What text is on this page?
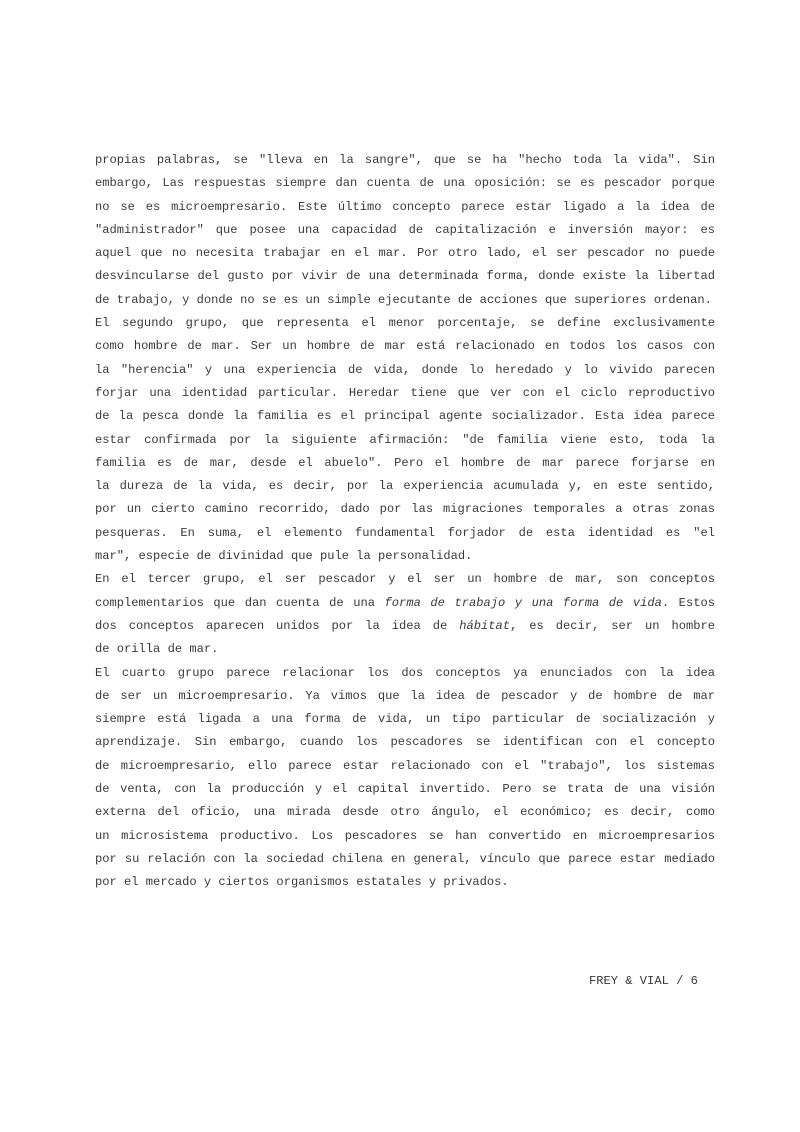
propias palabras, se "lleva en la sangre", que se ha "hecho toda la vida". Sin
embargo, Las respuestas siempre dan cuenta de una oposición: se es pescador porque
no se es microempresario. Este último concepto parece estar ligado a la idea de
"administrador" que posee una capacidad de capitalización e inversión mayor: es
aquel que no necesita trabajar en el mar. Por otro lado, el ser pescador no puede
desvincularse del gusto por vivir de una determinada forma, donde existe la libertad
de trabajo, y donde no se es un simple ejecutante de acciones que superiores ordenan.
El segundo grupo, que representa el menor porcentaje, se define exclusivamente
como hombre de mar. Ser un hombre de mar está relacionado en todos los casos con
la "herencia" y una experiencia de vida, donde lo heredado y lo vivido parecen
forjar una identidad particular. Heredar tiene que ver con el ciclo reproductivo
de la pesca donde la familia es el principal agente socializador. Esta idea parece
estar confirmada por la siguiente afirmación: "de familia viene esto, toda la
familia es de mar, desde el abuelo". Pero el hombre de mar parece forjarse en
la dureza de la vida, es decir, por la experiencia acumulada y, en este sentido,
por un cierto camino recorrido, dado por las migraciones temporales a otras zonas
pesqueras. En suma, el elemento fundamental forjador de esta identidad es "el
mar", especie de divinidad que pule la personalidad.
En el tercer grupo, el ser pescador y el ser un hombre de mar, son conceptos
complementarios que dan cuenta de una forma de trabajo y una forma de vida. Estos
dos conceptos aparecen unidos por la idea de hábitat, es decir, ser un hombre
de orilla de mar.
El cuarto grupo parece relacionar los dos conceptos ya enunciados con la idea
de ser un microempresario. Ya vimos que la idea de pescador y de hombre de mar
siempre está ligada a una forma de vida, un tipo particular de socialización y
aprendizaje. Sin embargo, cuando los pescadores se identifican con el concepto
de microempresario, ello parece estar relacionado con el "trabajo", los sistemas
de venta, con la producción y el capital invertido. Pero se trata de una visión
externa del oficio, una mirada desde otro ángulo, el económico; es decir, como
un microsistema productivo. Los pescadores se han convertido en microempresarios
por su relación con la sociedad chilena en general, vínculo que parece estar mediado
por el mercado y ciertos organismos estatales y privados.
FREY & VIAL / 6
